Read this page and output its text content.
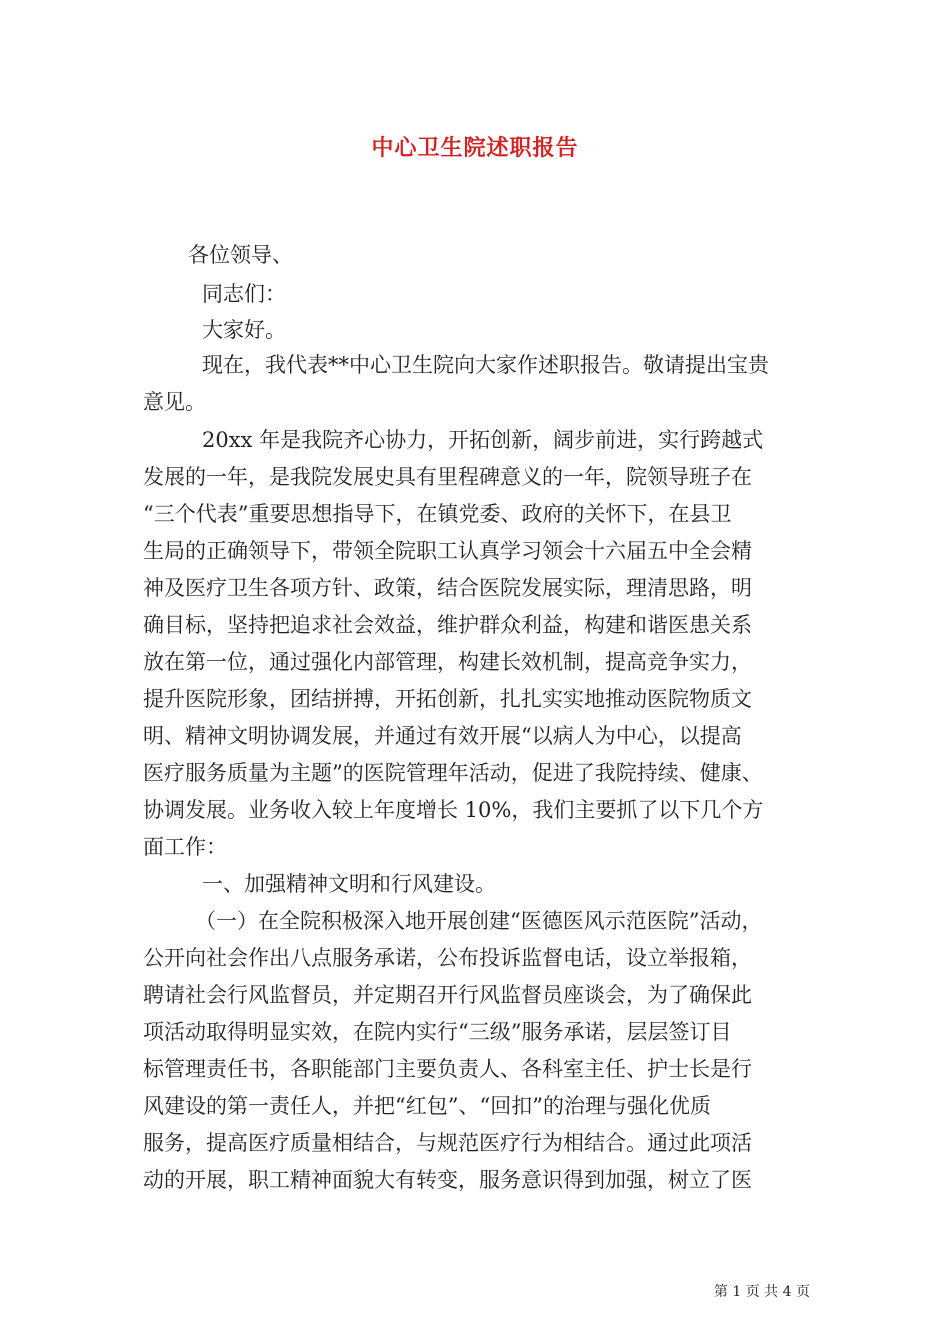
中心卫生院述职报告
各位领导、
同志们：
大家好。
现在，我代表**中心卫生院向大家作述职报告。敬请提出宝贵
意见。
20xx 年是我院齐心协力，开拓创新，阔步前进，实行跨越式
发展的一年，是我院发展史具有里程碑意义的一年，院领导班子在
“三个代表”重要思想指导下，在镇党委、政府的关怀下，在县卫
生局的正确领导下，带领全院职工认真学习领会十六届五中全会精
神及医疗卫生各项方针、政策，结合医院发展实际，理清思路，明
确目标，坚持把追求社会效益，维护群众利益，构建和谐医患关系
放在第一位，通过强化内部管理，构建长效机制，提高竞争实力，
提升医院形象，团结拼搏，开拓创新，扎扎实实地推动医院物质文
明、精神文明协调发展，并通过有效开展“以病人为中心，以提高
医疗服务质量为主题”的医院管理年活动，促进了我院持续、健康、
协调发展。业务收入较上年度增长 10%，我们主要抓了以下几个方
面工作：
一、加强精神文明和行风建设。
（一）在全院积极深入地开展创建“医德医风示范医院”活动，
公开向社会作出八点服务承诺，公布投诉监督电话，设立举报箱，
聘请社会行风监督员，并定期召开行风监督员座谈会，为了确保此
项活动取得明显实效，在院内实行“三级”服务承诺，层层签订目
标管理责任书，各职能部门主要负责人、各科室主任、护士长是行
风建设的第一责任人，并把“红包”、“回扣”的治理与强化优质
服务，提高医疗质量相结合，与规范医疗行为相结合。通过此项活
动的开展，职工精神面貌大有转变，服务意识得到加强，树立了医
第 1 页 共 4 页
